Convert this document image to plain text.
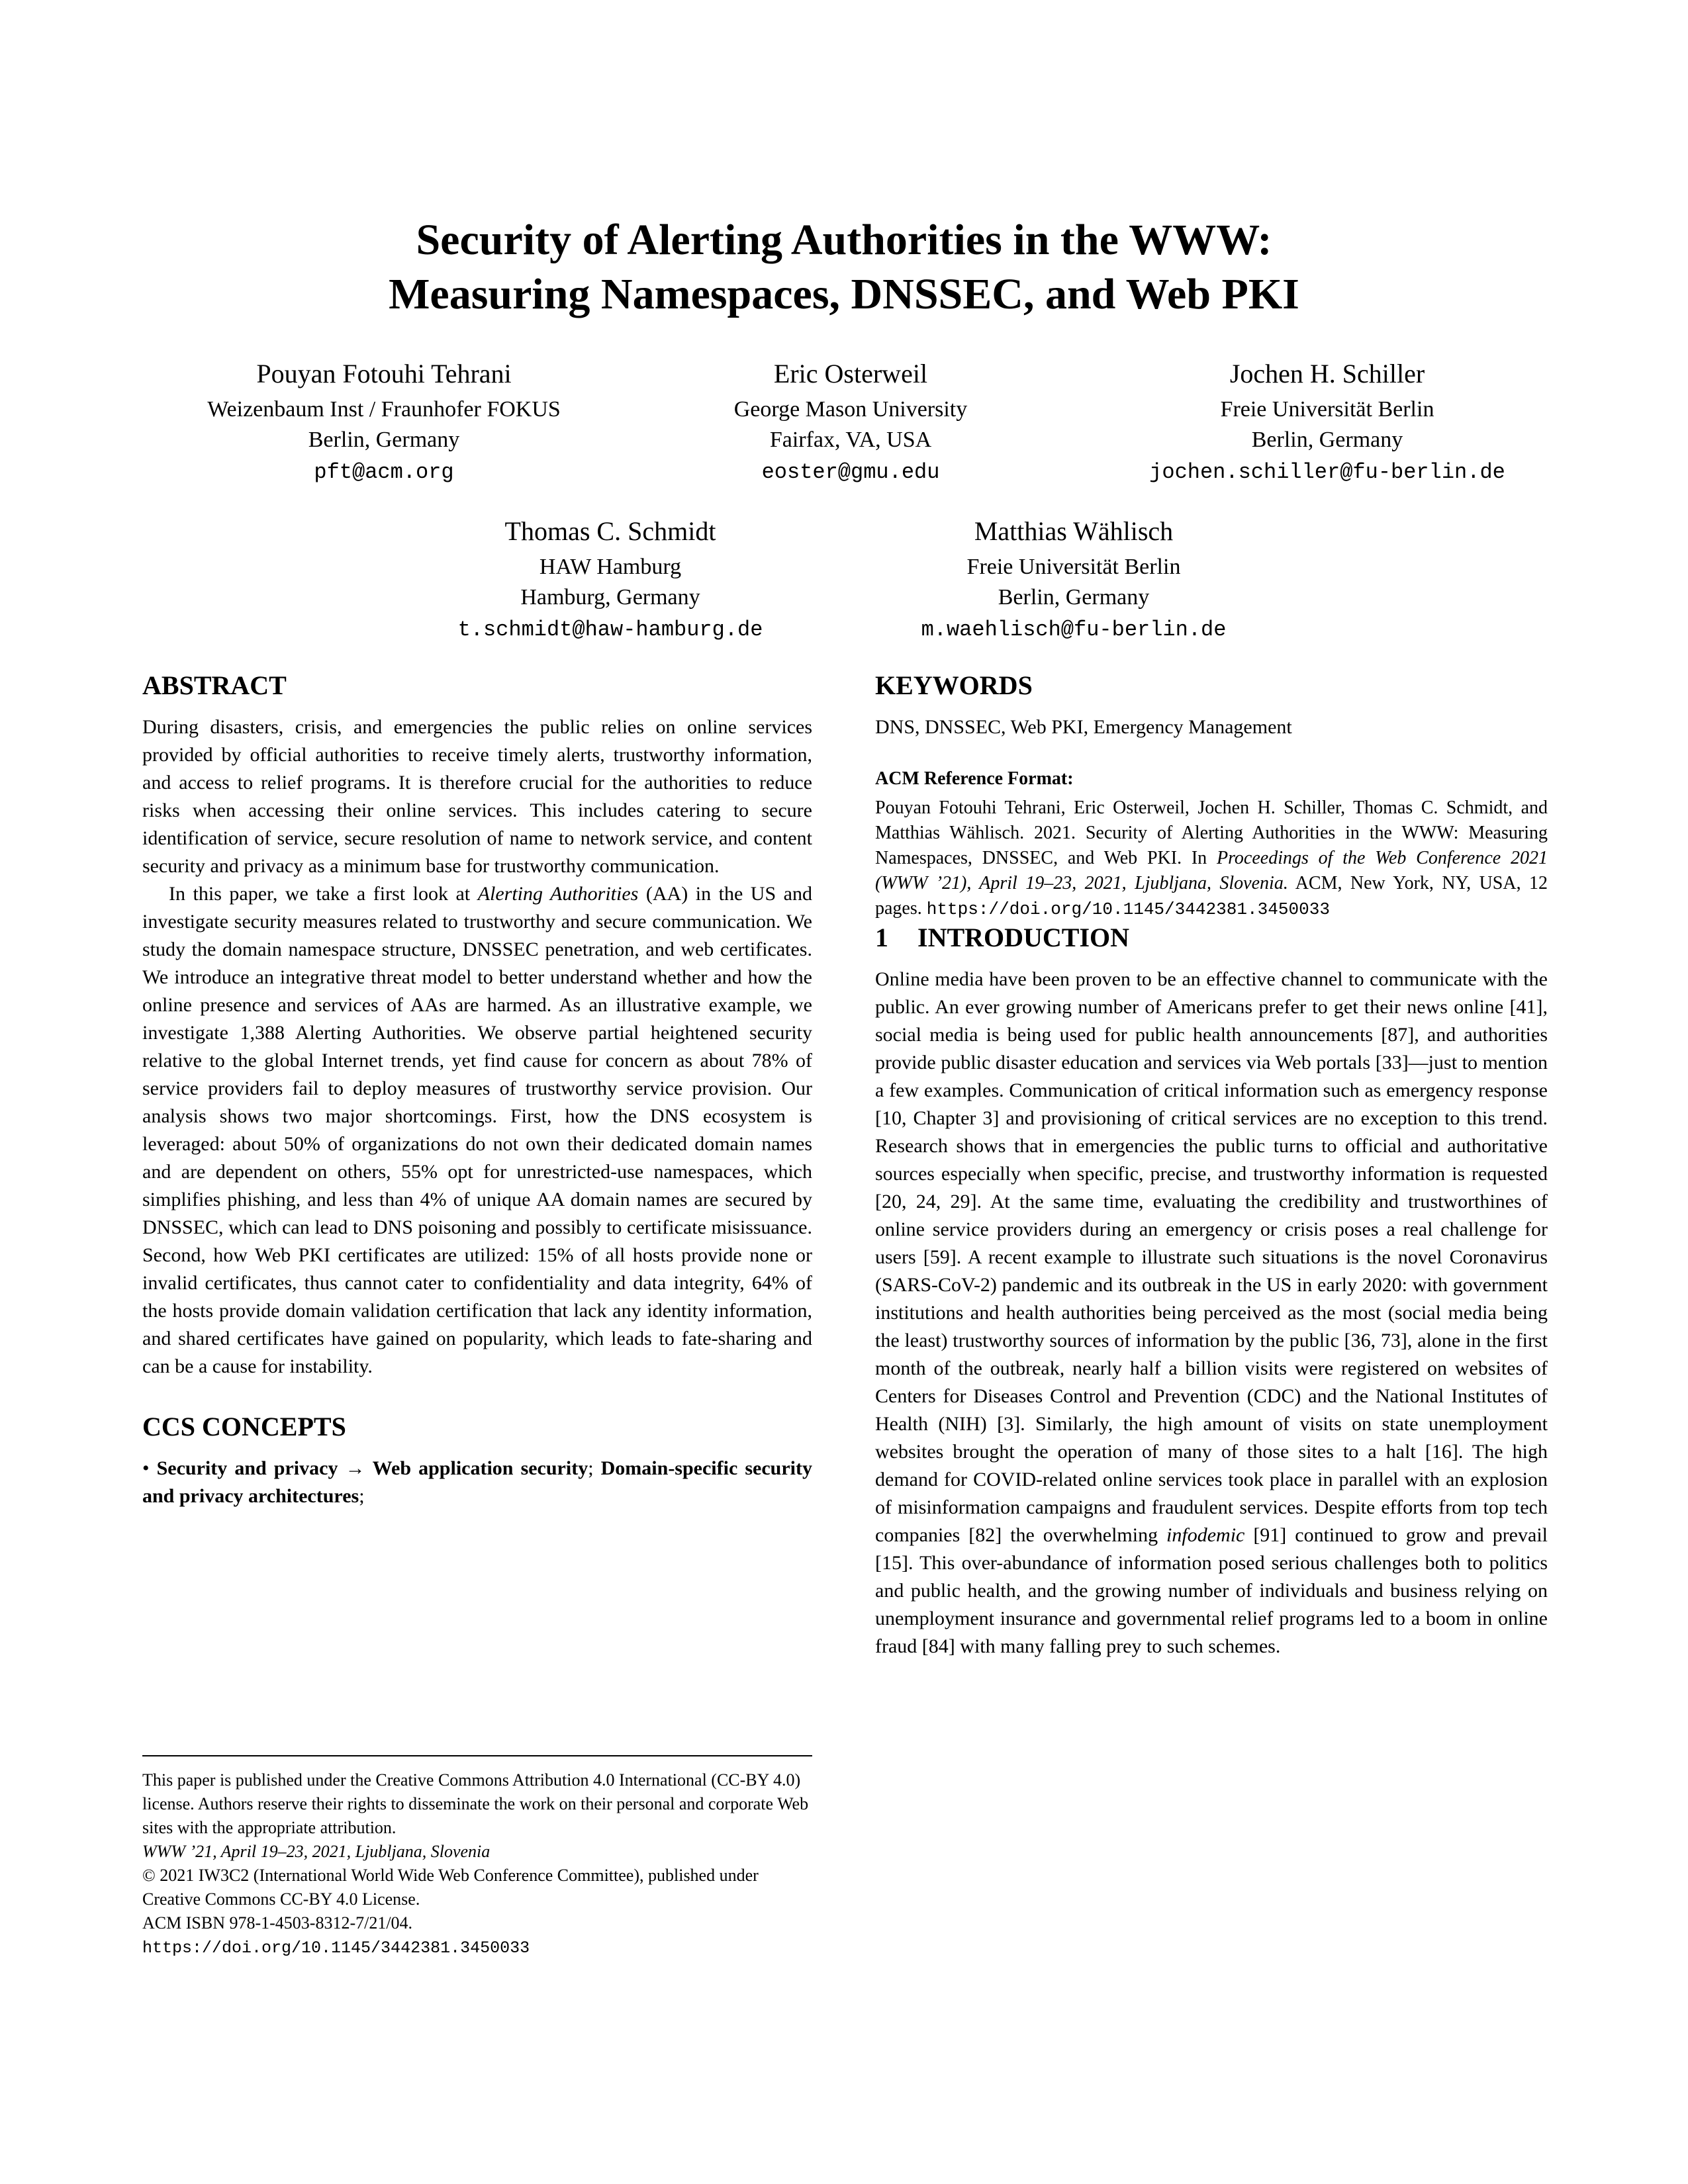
Security of Alerting Authorities in the WWW:
Measuring Namespaces, DNSSEC, and Web PKI
Pouyan Fotouhi Tehrani
Weizenbaum Inst / Fraunhofer FOKUS
Berlin, Germany
pft@acm.org
Eric Osterweil
George Mason University
Fairfax, VA, USA
eoster@gmu.edu
Jochen H. Schiller
Freie Universität Berlin
Berlin, Germany
jochen.schiller@fu-berlin.de
Thomas C. Schmidt
HAW Hamburg
Hamburg, Germany
t.schmidt@haw-hamburg.de
Matthias Wählisch
Freie Universität Berlin
Berlin, Germany
m.waehlisch@fu-berlin.de
ABSTRACT

During disasters, crisis, and emergencies the public relies on online services provided by official authorities to receive timely alerts, trustworthy information, and access to relief programs. It is therefore crucial for the authorities to reduce risks when accessing their online services. This includes catering to secure identification of service, secure resolution of name to network service, and content security and privacy as a minimum base for trustworthy communication.

In this paper, we take a first look at Alerting Authorities (AA) in the US and investigate security measures related to trustworthy and secure communication. We study the domain namespace structure, DNSSEC penetration, and web certificates. We introduce an integrative threat model to better understand whether and how the online presence and services of AAs are harmed. As an illustrative example, we investigate 1,388 Alerting Authorities. We observe partial heightened security relative to the global Internet trends, yet find cause for concern as about 78% of service providers fail to deploy measures of trustworthy service provision. Our analysis shows two major shortcomings. First, how the DNS ecosystem is leveraged: about 50% of organizations do not own their dedicated domain names and are dependent on others, 55% opt for unrestricted-use namespaces, which simplifies phishing, and less than 4% of unique AA domain names are secured by DNSSEC, which can lead to DNS poisoning and possibly to certificate misissuance. Second, how Web PKI certificates are utilized: 15% of all hosts provide none or invalid certificates, thus cannot cater to confidentiality and data integrity, 64% of the hosts provide domain validation certification that lack any identity information, and shared certificates have gained on popularity, which leads to fate-sharing and can be a cause for instability.

CCS CONCEPTS

• Security and privacy → Web application security; Domain-specific security and privacy architectures;

This paper is published under the Creative Commons Attribution 4.0 International (CC-BY 4.0) license. Authors reserve their rights to disseminate the work on their personal and corporate Web sites with the appropriate attribution.

WWW ’21, April 19–23, 2021, Ljubljana, Slovenia

© 2021 IW3C2 (International World Wide Web Conference Committee), published under Creative Commons CC-BY 4.0 License.

ACM ISBN 978-1-4503-8312-7/21/04.

https://doi.org/10.1145/3442381.3450033

KEYWORDS

DNS, DNSSEC, Web PKI, Emergency Management

ACM Reference Format:

Pouyan Fotouhi Tehrani, Eric Osterweil, Jochen H. Schiller, Thomas C. Schmidt, and Matthias Wählisch. 2021. Security of Alerting Authorities in the WWW: Measuring Namespaces, DNSSEC, and Web PKI. In Proceedings of the Web Conference 2021 (WWW ’21), April 19–23, 2021, Ljubljana, Slovenia. ACM, New York, NY, USA, 12 pages. https://doi.org/10.1145/3442381.3450033

1 INTRODUCTION

Online media have been proven to be an effective channel to communicate with the public. An ever growing number of Americans prefer to get their news online [41], social media is being used for public health announcements [87], and authorities provide public disaster education and services via Web portals [33]—just to mention a few examples. Communication of critical information such as emergency response [10, Chapter 3] and provisioning of critical services are no exception to this trend. Research shows that in emergencies the public turns to official and authoritative sources especially when specific, precise, and trustworthy information is requested [20, 24, 29]. At the same time, evaluating the credibility and trustworthines of online service providers during an emergency or crisis poses a real challenge for users [59]. A recent example to illustrate such situations is the novel Coronavirus (SARS-CoV-2) pandemic and its outbreak in the US in early 2020: with government institutions and health authorities being perceived as the most (social media being the least) trustworthy sources of information by the public [36, 73], alone in the first month of the outbreak, nearly half a billion visits were registered on websites of Centers for Diseases Control and Prevention (CDC) and the National Institutes of Health (NIH) [3]. Similarly, the high amount of visits on state unemployment websites brought the operation of many of those sites to a halt [16]. The high demand for COVID-related online services took place in parallel with an explosion of misinformation campaigns and fraudulent services. Despite efforts from top tech companies [82] the overwhelming infodemic [91] continued to grow and prevail [15]. This over-abundance of information posed serious challenges both to politics and public health, and the growing number of individuals and business relying on unemployment insurance and governmental relief programs led to a boom in online fraud [84] with many falling prey to such schemes.
